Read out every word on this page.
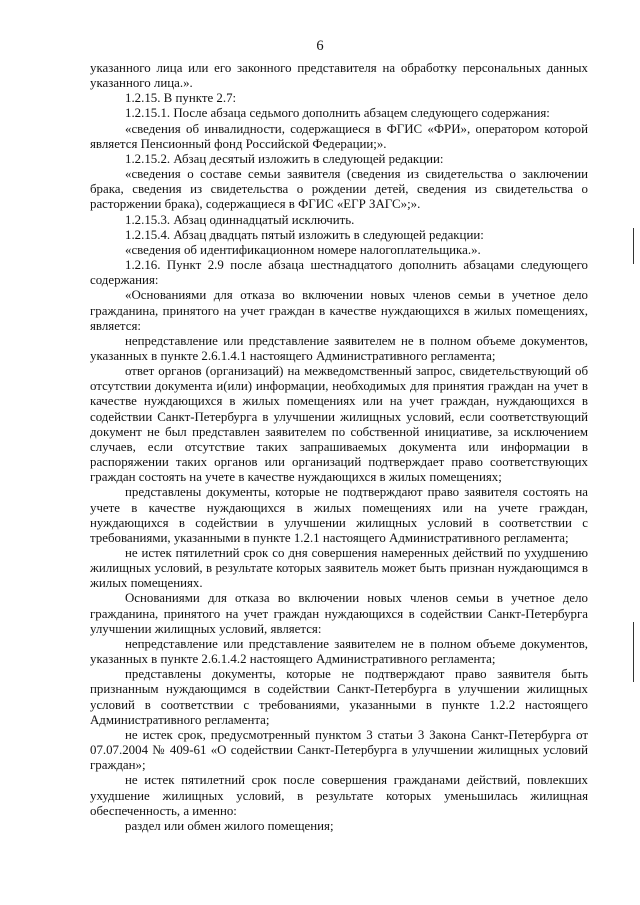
6

указанного лица или его законного представителя на обработку персональных данных указанного лица.».

1.2.15. В пункте 2.7:

1.2.15.1. После абзаца седьмого дополнить абзацем следующего содержания:

«сведения об инвалидности, содержащиеся в ФГИС «ФРИ», оператором которой является Пенсионный фонд Российской Федерации;».

1.2.15.2. Абзац десятый изложить в следующей редакции:

«сведения о составе семьи заявителя (сведения из свидетельства о заключении брака, сведения из свидетельства о рождении детей, сведения из свидетельства о расторжении брака), содержащиеся в ФГИС «ЕГР ЗАГС»;».

1.2.15.3. Абзац одиннадцатый исключить.

1.2.15.4. Абзац двадцать пятый изложить в следующей редакции:

«сведения об идентификационном номере налогоплательщика.».

1.2.16. Пункт 2.9 после абзаца шестнадцатого дополнить абзацами следующего содержания:

«Основаниями для отказа во включении новых членов семьи в учетное дело гражданина, принятого на учет граждан в качестве нуждающихся в жилых помещениях, является:

непредставление или представление заявителем не в полном объеме документов, указанных в пункте 2.6.1.4.1 настоящего Административного регламента;

ответ органов (организаций) на межведомственный запрос, свидетельствующий об отсутствии документа и(или) информации, необходимых для принятия граждан на учет в качестве нуждающихся в жилых помещениях или на учет граждан, нуждающихся в содействии Санкт-Петербурга в улучшении жилищных условий, если соответствующий документ не был представлен заявителем по собственной инициативе, за исключением случаев, если отсутствие таких запрашиваемых документа или информации в распоряжении таких органов или организаций подтверждает право соответствующих граждан состоять на учете в качестве нуждающихся в жилых помещениях;

представлены документы, которые не подтверждают право заявителя состоять на учете в качестве нуждающихся в жилых помещениях или на учете граждан, нуждающихся в содействии в улучшении жилищных условий в соответствии с требованиями, указанными в пункте 1.2.1 настоящего Административного регламента;

не истек пятилетний срок со дня совершения намеренных действий по ухудшению жилищных условий, в результате которых заявитель может быть признан нуждающимся в жилых помещениях.

Основаниями для отказа во включении новых членов семьи в учетное дело гражданина, принятого на учет граждан нуждающихся в содействии Санкт-Петербурга улучшении жилищных условий, является:

непредставление или представление заявителем не в полном объеме документов, указанных в пункте 2.6.1.4.2 настоящего Административного регламента;

представлены документы, которые не подтверждают право заявителя быть признанным нуждающимся в содействии Санкт-Петербурга в улучшении жилищных условий в соответствии с требованиями, указанными в пункте 1.2.2 настоящего Административного регламента;

не истек срок, предусмотренный пунктом 3 статьи 3 Закона Санкт-Петербурга от 07.07.2004 № 409-61 «О содействии Санкт-Петербурга в улучшении жилищных условий граждан»;

не истек пятилетний срок после совершения гражданами действий, повлекших ухудшение жилищных условий, в результате которых уменьшилась жилищная обеспеченность, а именно:

раздел или обмен жилого помещения;
